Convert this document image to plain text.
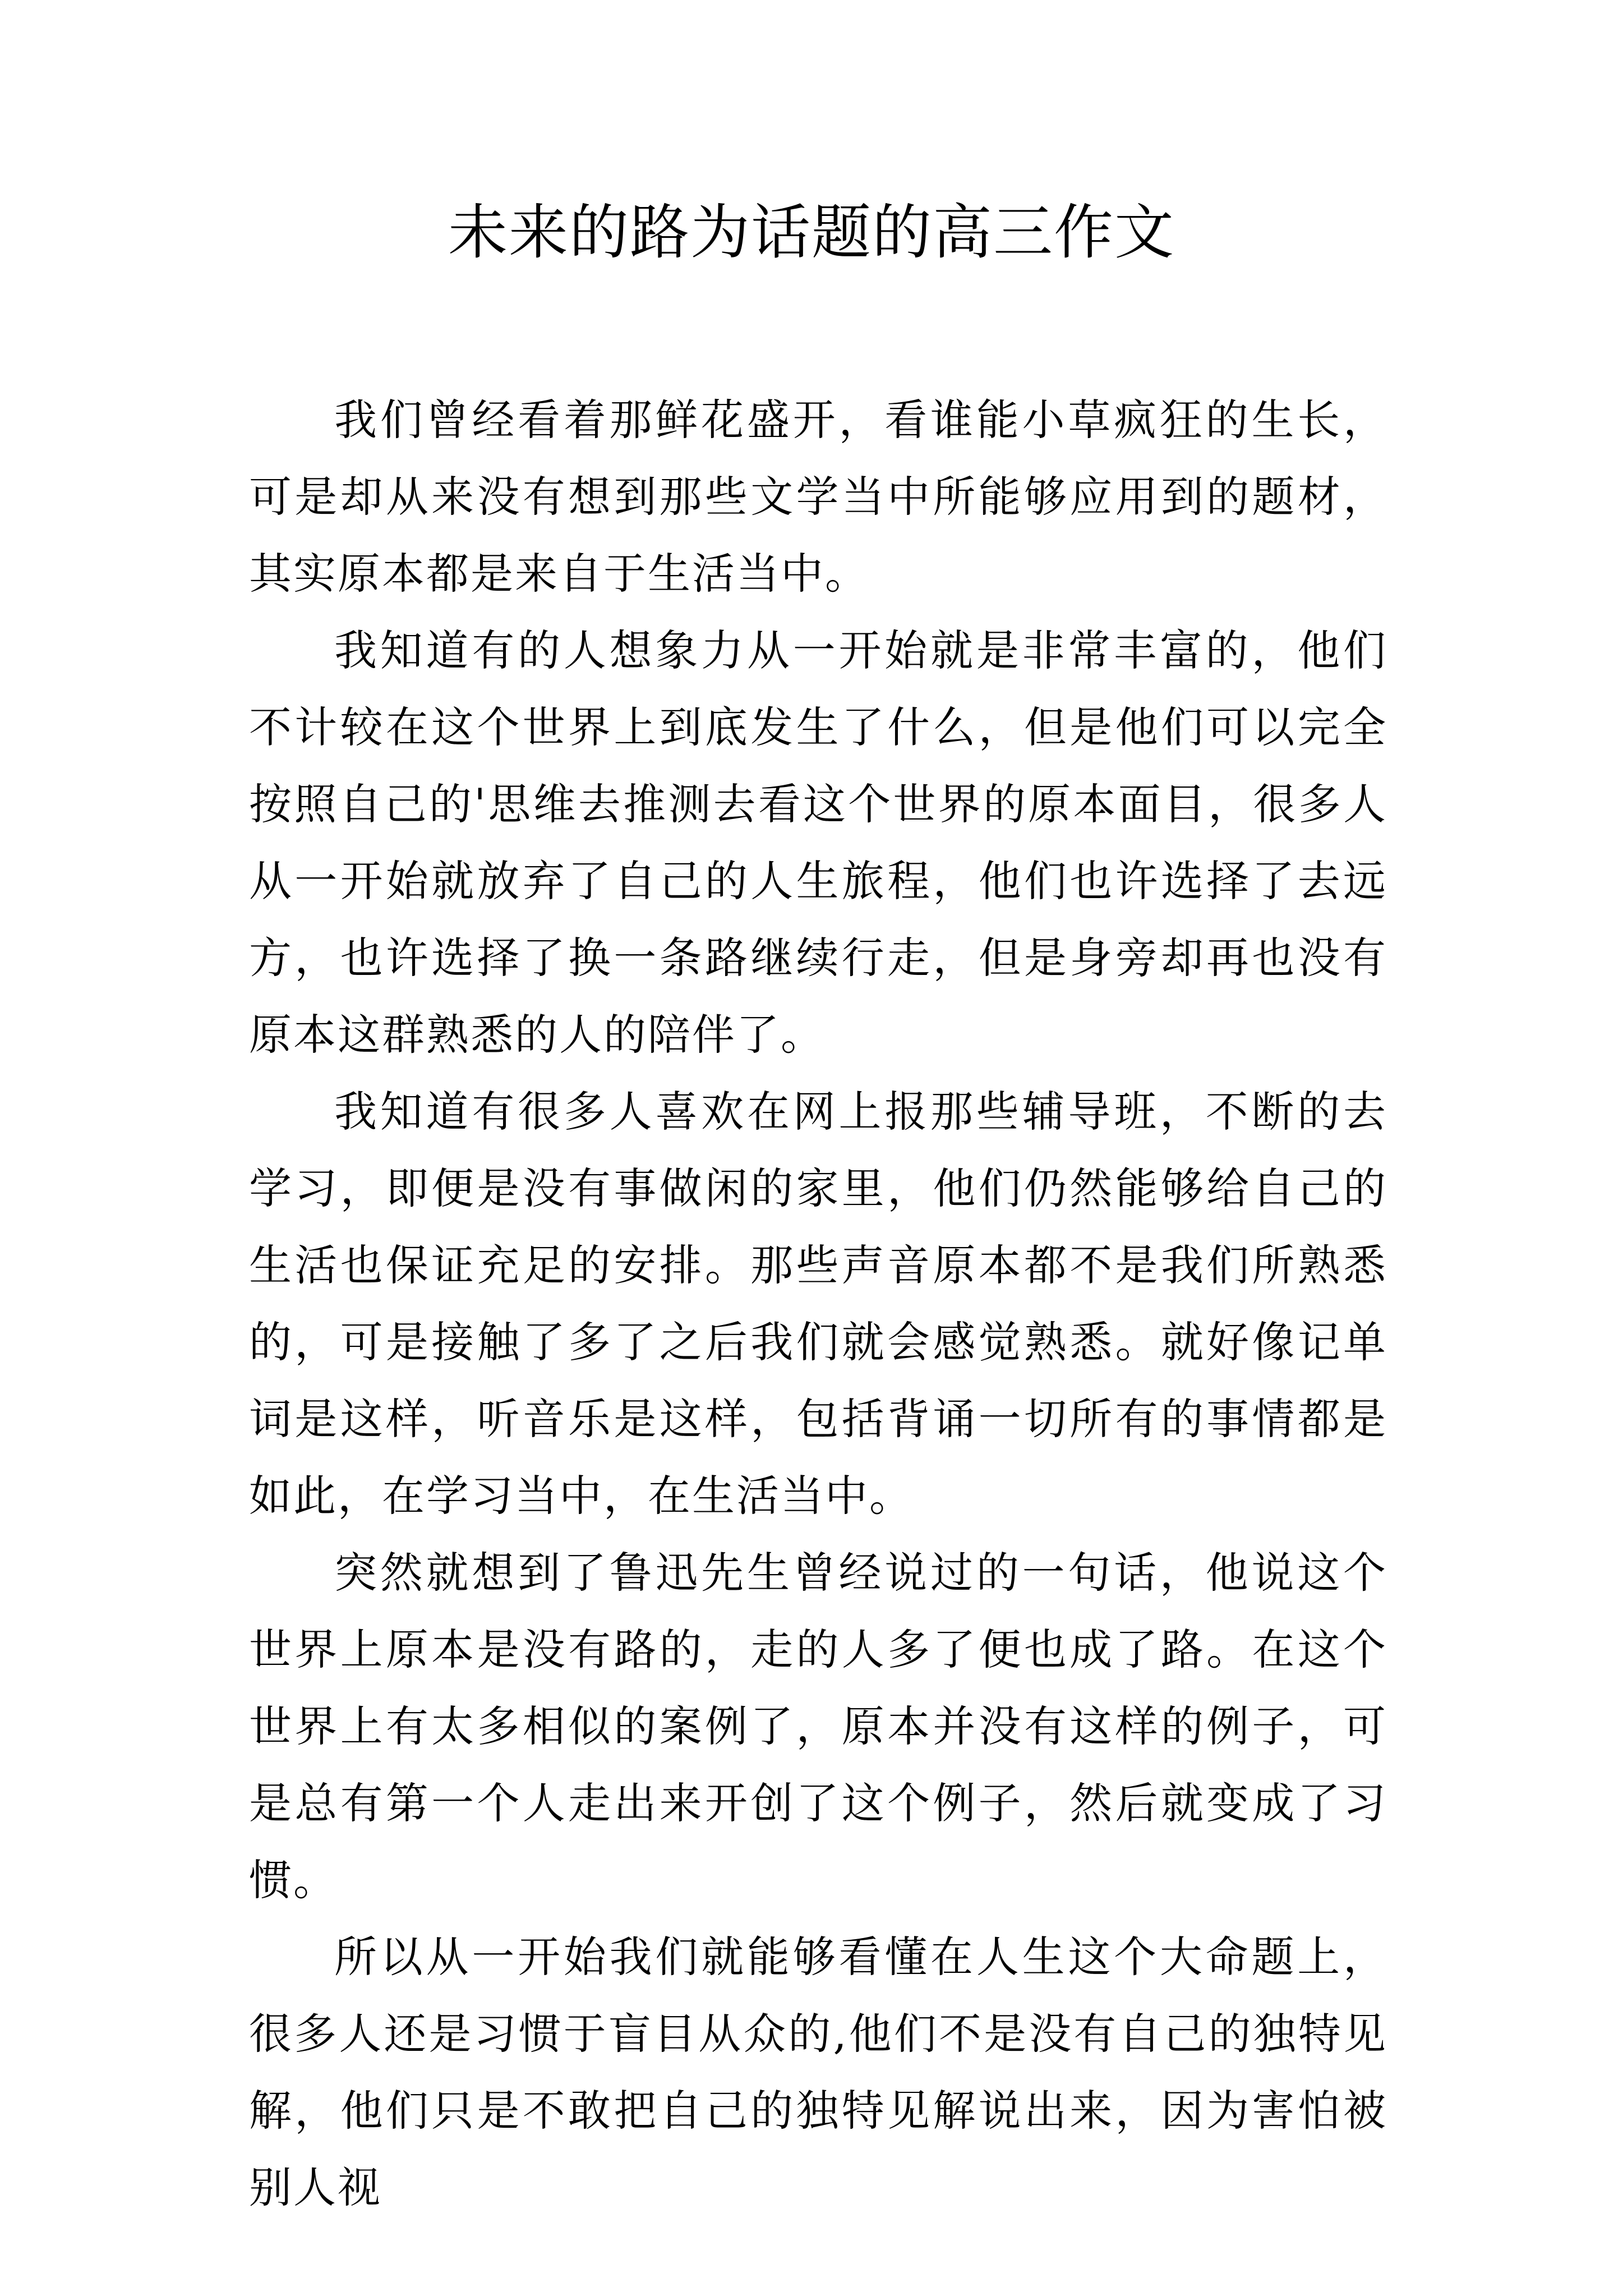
未来的路为话题的高三作文

我们曾经看着那鲜花盛开，看谁能小草疯狂的生长，可是却从来没有想到那些文学当中所能够应用到的题材，其实原本都是来自于生活当中。

我知道有的人想象力从一开始就是非常丰富的，他们不计较在这个世界上到底发生了什么，但是他们可以完全按照自己的'思维去推测去看这个世界的原本面目，很多人从一开始就放弃了自己的人生旅程，他们也许选择了去远方，也许选择了换一条路继续行走，但是身旁却再也没有原本这群熟悉的人的陪伴了。

我知道有很多人喜欢在网上报那些辅导班，不断的去学习，即便是没有事做闲的家里，他们仍然能够给自己的生活也保证充足的安排。那些声音原本都不是我们所熟悉的，可是接触了多了之后我们就会感觉熟悉。就好像记单词是这样，听音乐是这样，包括背诵一切所有的事情都是如此，在学习当中，在生活当中。

突然就想到了鲁迅先生曾经说过的一句话，他说这个世界上原本是没有路的，走的人多了便也成了路。在这个世界上有太多相似的案例了，原本并没有这样的例子，可是总有第一个人走出来开创了这个例子，然后就变成了习惯。

所以从一开始我们就能够看懂在人生这个大命题上，很多人还是习惯于盲目从众的,他们不是没有自己的独特见解，他们只是不敢把自己的独特见解说出来，因为害怕被别人视
